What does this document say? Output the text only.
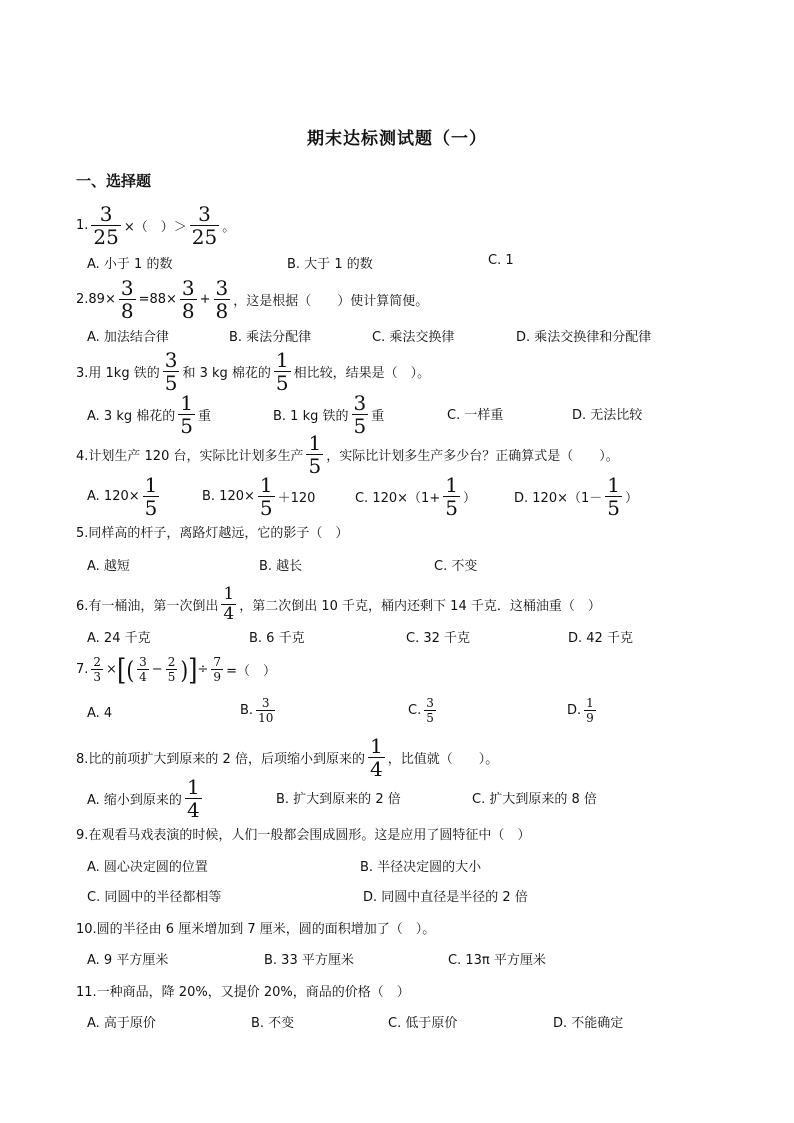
期末达标测试题（一）
一、选择题
1. $\frac{3}{25}$ ×（　）＞ $\frac{3}{25}$ 。
A. 小于 1 的数	B. 大于 1 的数	C. 1
$2.89\times \frac{3}{8} =88\times \frac{3}{8} + \frac{3}{8}$ ，这是根据（　　）使计算简便。
A. 加法结合律	B. 乘法分配律	C. 乘法交换律	D. 乘法交换律和分配律
3.用 1kg 铁的 $\frac{3}{5}$ 和 3 kg 棉花的 $\frac{1}{5}$ 相比较，结果是（　）。
A. 3 kg 棉花的 $\frac{1}{5}$ 重	B. 1 kg 铁的 $\frac{3}{5}$ 重	C. 一样重	D. 无法比较
4.计划生产 120 台，实际比计划多生产 $\frac{1}{5}$ ，实际比计划多生产多少台？正确算式是（　　）。
A. $120\times \frac{1}{5}$	B. $120\times \frac{1}{5} +120$	C. $120\times(1+ \frac{1}{5}$ ）	D. $120\times(1- \frac{1}{5}$ ）
5.同样高的杆子，离路灯越远，它的影子（　）
A. 越短	B. 越长	C. 不变
6.有一桶油，第一次倒出 $\frac{1}{4}$ ，第二次倒出 10 千克，桶内还剩下 14 千克．这桶油重（　）
A. 24 千克	B. 6 千克	C. 32 千克	D. 42 千克
7. $\frac{2}{3}$ × [ ( $\frac{3}{4} - \frac{2}{5}$ ) ] ÷ $\frac{7}{9}$ =（　）
A. 4	B. $\frac{3}{10}$	C. $\frac{3}{5}$	D. $\frac{1}{9}$
8.比的前项扩大到原来的 2 倍，后项缩小到原来的 $\frac{1}{4}$ ，比值就（　　）。
A. 缩小到原来的 $\frac{1}{4}$	B. 扩大到原来的 2 倍	C. 扩大到原来的 8 倍
9.在观看马戏表演的时候，人们一般都会围成圆形。这是应用了圆特征中（　）
A. 圆心决定圆的位置	B. 半径决定圆的大小
C. 同圆中的半径都相等	D. 同圆中直径是半径的 2 倍
10.圆的半径由 6 厘米增加到 7 厘米，圆的面积增加了（　）。
A. 9 平方厘米	B. 33 平方厘米	C. 13π 平方厘米
11.一种商品，降 20%，又提价 20%，商品的价格（　）
A. 高于原价	B. 不变	C. 低于原价	D. 不能确定
